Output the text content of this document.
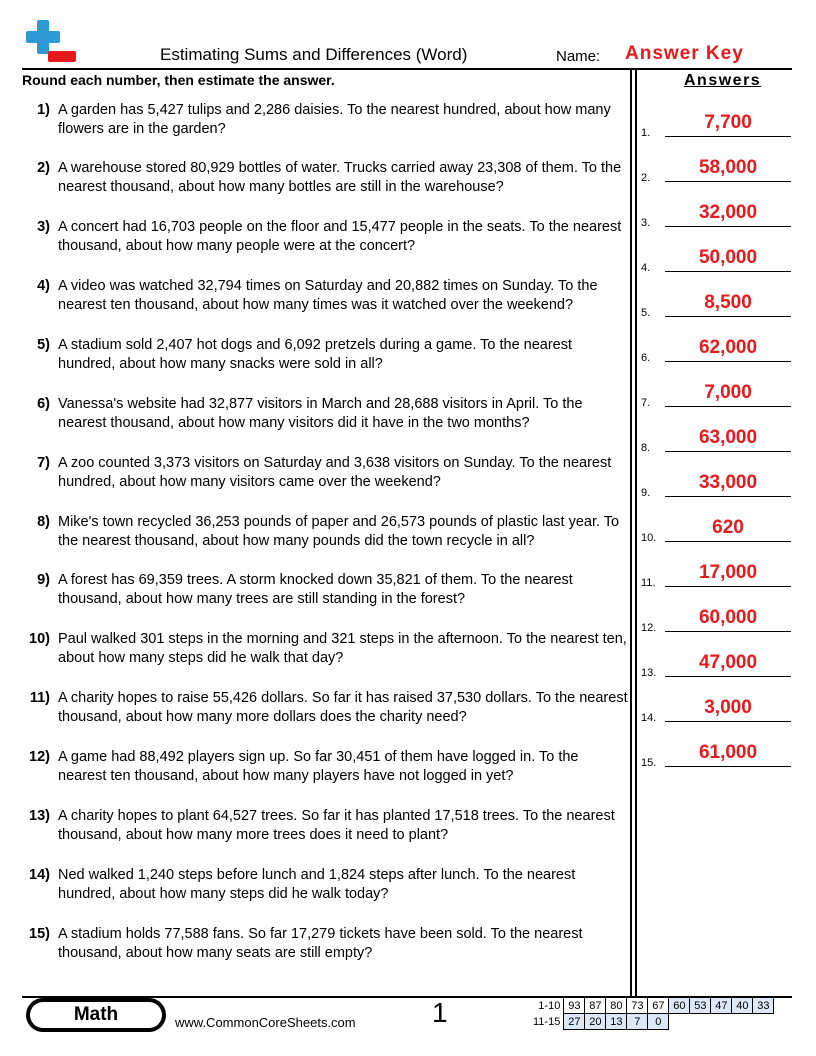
Estimating Sums and Differences (Word)	Name: Answer Key
Round each number, then estimate the answer.	Answers
1) A garden has 5,427 tulips and 2,286 daisies. To the nearest hundred, about how many flowers are in the garden?
2) A warehouse stored 80,929 bottles of water. Trucks carried away 23,308 of them. To the nearest thousand, about how many bottles are still in the warehouse?
3) A concert had 16,703 people on the floor and 15,477 people in the seats. To the nearest thousand, about how many people were at the concert?
4) A video was watched 32,794 times on Saturday and 20,882 times on Sunday. To the nearest ten thousand, about how many times was it watched over the weekend?
5) A stadium sold 2,407 hot dogs and 6,092 pretzels during a game. To the nearest hundred, about how many snacks were sold in all?
6) Vanessa's website had 32,877 visitors in March and 28,688 visitors in April. To the nearest thousand, about how many visitors did it have in the two months?
7) A zoo counted 3,373 visitors on Saturday and 3,638 visitors on Sunday. To the nearest hundred, about how many visitors came over the weekend?
8) Mike's town recycled 36,253 pounds of paper and 26,573 pounds of plastic last year. To the nearest thousand, about how many pounds did the town recycle in all?
9) A forest has 69,359 trees. A storm knocked down 35,821 of them. To the nearest thousand, about how many trees are still standing in the forest?
10) Paul walked 301 steps in the morning and 321 steps in the afternoon. To the nearest ten, about how many steps did he walk that day?
11) A charity hopes to raise 55,426 dollars. So far it has raised 37,530 dollars. To the nearest thousand, about how many more dollars does the charity need?
12) A game had 88,492 players sign up. So far 30,451 of them have logged in. To the nearest ten thousand, about how many players have not logged in yet?
13) A charity hopes to plant 64,527 trees. So far it has planted 17,518 trees. To the nearest thousand, about how many more trees does it need to plant?
14) Ned walked 1,240 steps before lunch and 1,824 steps after lunch. To the nearest hundred, about how many steps did he walk today?
15) A stadium holds 77,588 fans. So far 17,279 tickets have been sold. To the nearest thousand, about how many seats are still empty?
1.	7,700
2.	58,000
3.	32,000
4.	50,000
5.	8,500
6.	62,000
7.	7,000
8.	63,000
9.	33,000
10.	620
11.	17,000
12.	60,000
13.	47,000
14.	3,000
15.	61,000
Math	www.CommonCoreSheets.com	1	1-10	93	87	80	73	67	60	53	47	40	33
11-15	27	20	13	7	0					
